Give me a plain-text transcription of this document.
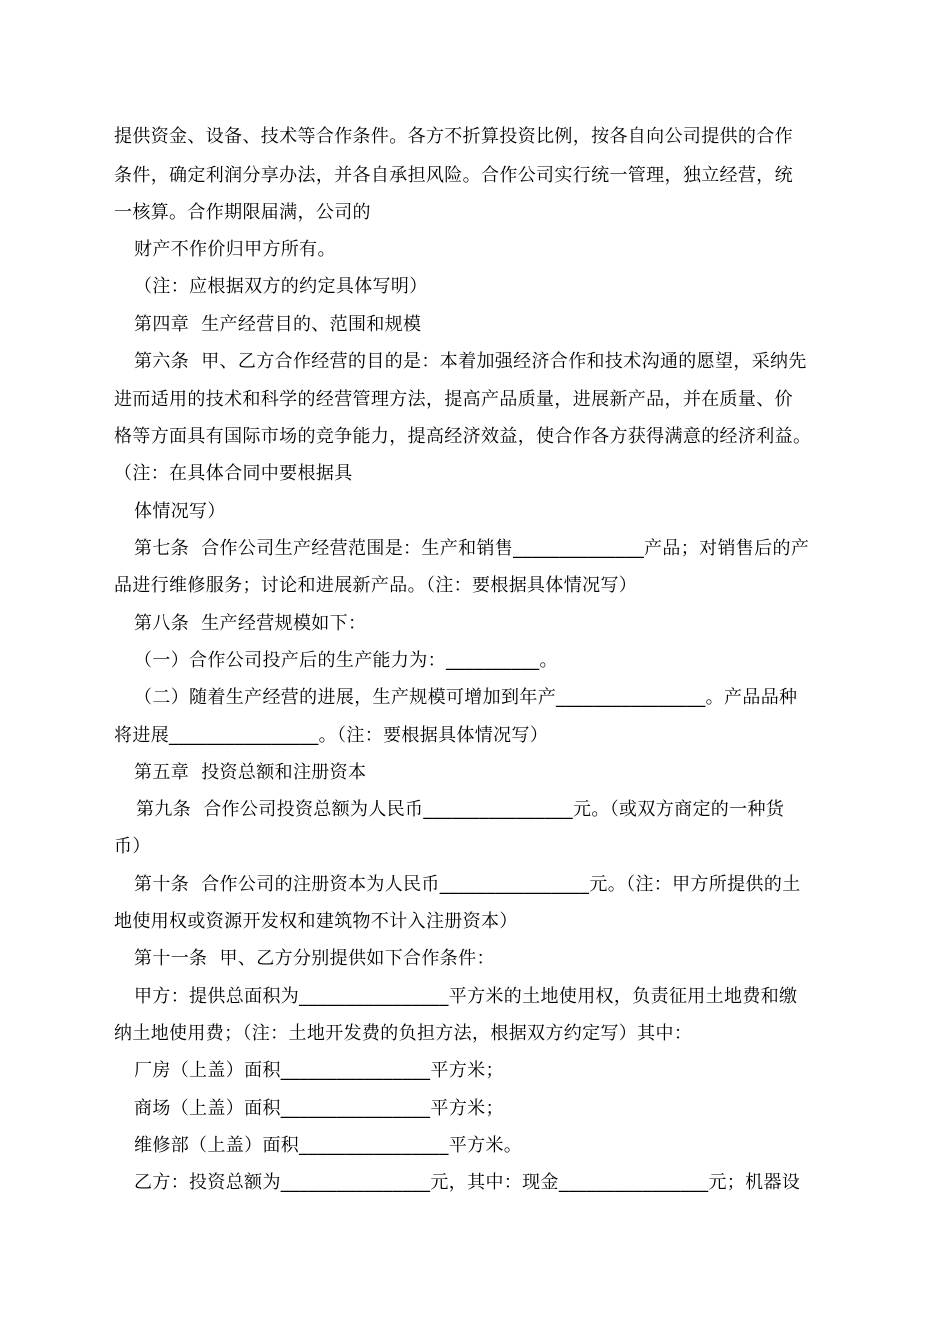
提供资金、设备、技术等合作条件。各方不折算投资比例，按各自向公司提供的合作
条件，确定利润分享办法，并各自承担风险。合作公司实行统一管理，独立经营，统
一核算。合作期限届满，公司的
财产不作价归甲方所有。
（注：应根据双方的约定具体写明）
第四章  生产经营目的、范围和规模
第六条  甲、乙方合作经营的目的是：本着加强经济合作和技术沟通的愿望，采纳先
进而适用的技术和科学的经营管理方法，提高产品质量，进展新产品，并在质量、价
格等方面具有国际市场的竞争能力，提高经济效益，使合作各方获得满意的经济利益。
（注：在具体合同中要根据具
体情况写）
第七条  合作公司生产经营范围是：生产和销售______________产品；对销售后的产
品进行维修服务；讨论和进展新产品。（注：要根据具体情况写）
第八条  生产经营规模如下：
（一）合作公司投产后的生产能力为：__________。
（二）随着生产经营的进展，生产规模可增加到年产________________。产品品种
将进展________________。（注：要根据具体情况写）
第五章  投资总额和注册资本
第九条  合作公司投资总额为人民币________________元。（或双方商定的一种货
币）
第十条  合作公司的注册资本为人民币________________元。（注：甲方所提供的土
地使用权或资源开发权和建筑物不计入注册资本）
第十一条  甲、乙方分别提供如下合作条件：
甲方：提供总面积为________________平方米的土地使用权，负责征用土地费和缴
纳土地使用费；（注：土地开发费的负担方法，根据双方约定写）其中：
厂房（上盖）面积________________平方米；
商场（上盖）面积________________平方米；
维修部（上盖）面积________________平方米。
乙方：投资总额为________________元，其中：现金________________元；机器设
